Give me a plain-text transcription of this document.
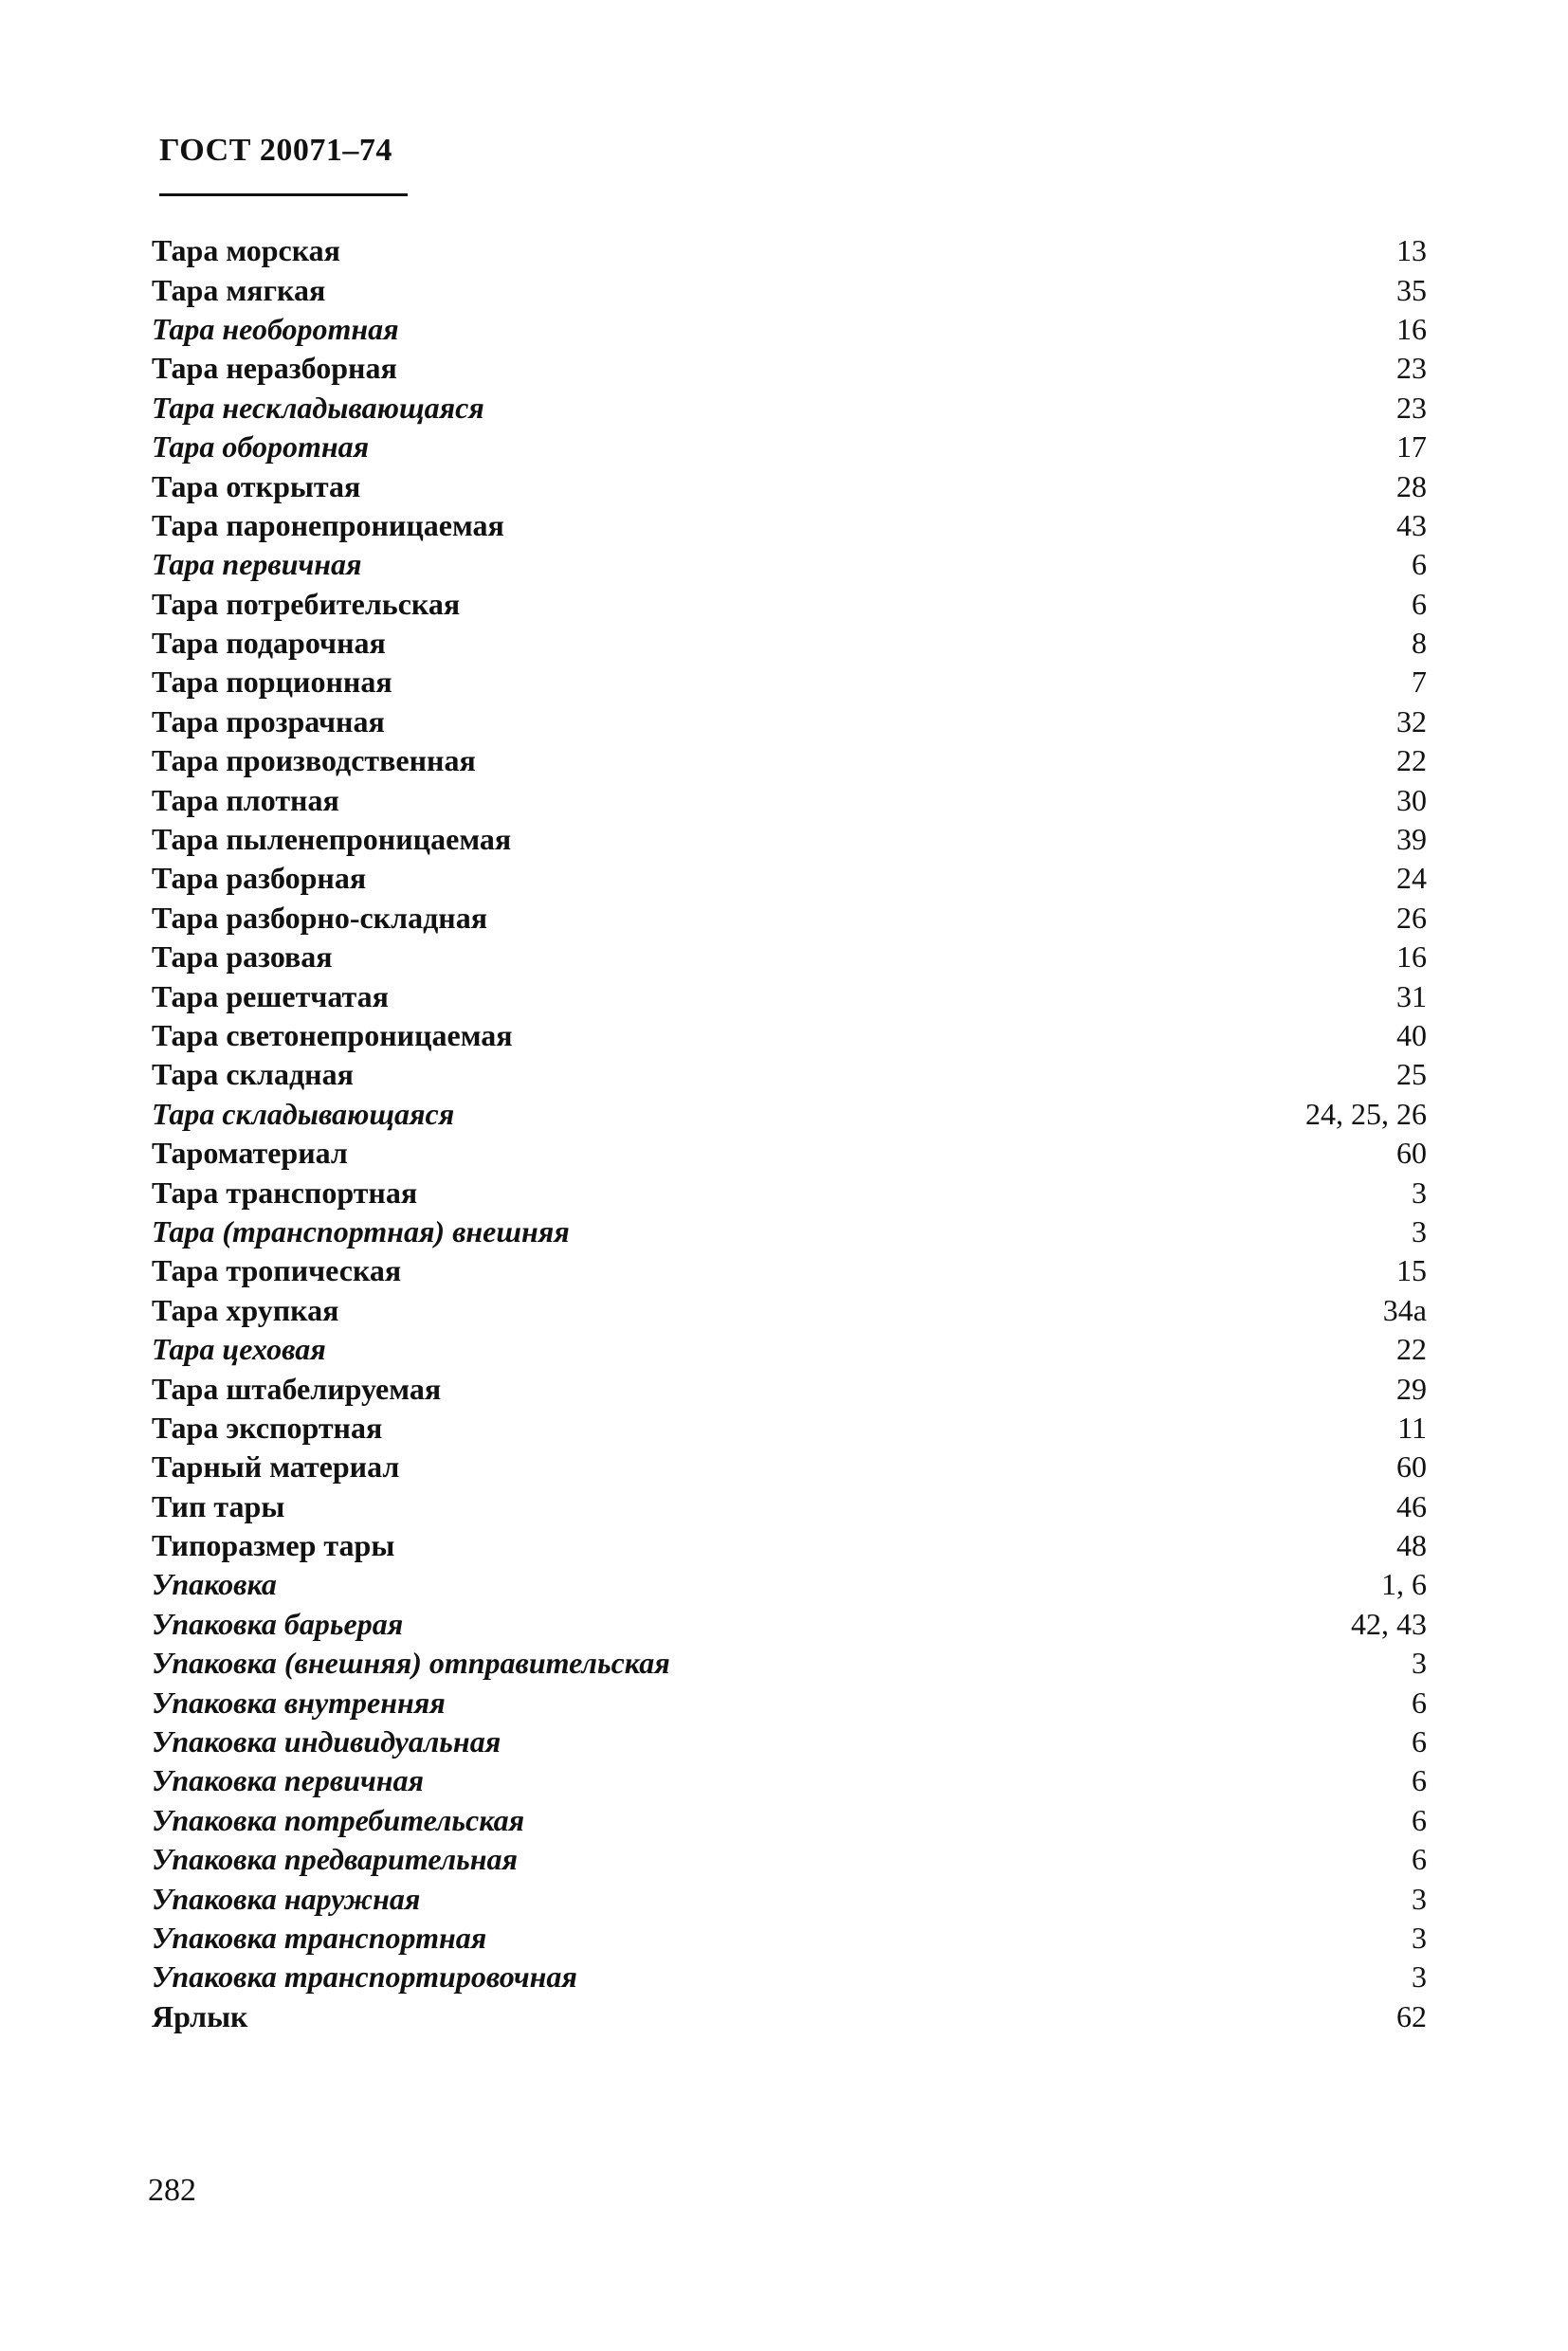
ГОСТ 20071–74
Тара морская	13
Тара мягкая	35
Тара необоротная	16
Тара неразборная	23
Тара нескладывающаяся	23
Тара оборотная	17
Тара открытая	28
Тара паронепроницаемая	43
Тара первичная	6
Тара потребительская	6
Тара подарочная	8
Тара порционная	7
Тара прозрачная	32
Тара производственная	22
Тара плотная	30
Тара пыленепроницаемая	39
Тара разборная	24
Тара разборно-складная	26
Тара разовая	16
Тара решетчатая	31
Тара светонепроницаемая	40
Тара складная	25
Тара складывающаяся	24, 25, 26
Тароматериал	60
Тара транспортная	3
Тара (транспортная) внешняя	3
Тара тропическая	15
Тара хрупкая	34а
Тара цеховая	22
Тара штабелируемая	29
Тара экспортная	11
Тарный материал	60
Тип тары	46
Типоразмер тары	48
Упаковка	1, 6
Упаковка барьерая	42, 43
Упаковка (внешняя) отправительская	3
Упаковка внутренняя	6
Упаковка индивидуальная	6
Упаковка первичная	6
Упаковка потребительская	6
Упаковка предварительная	6
Упаковка наружная	3
Упаковка транспортная	3
Упаковка транспортировочная	3
Ярлык	62
282
